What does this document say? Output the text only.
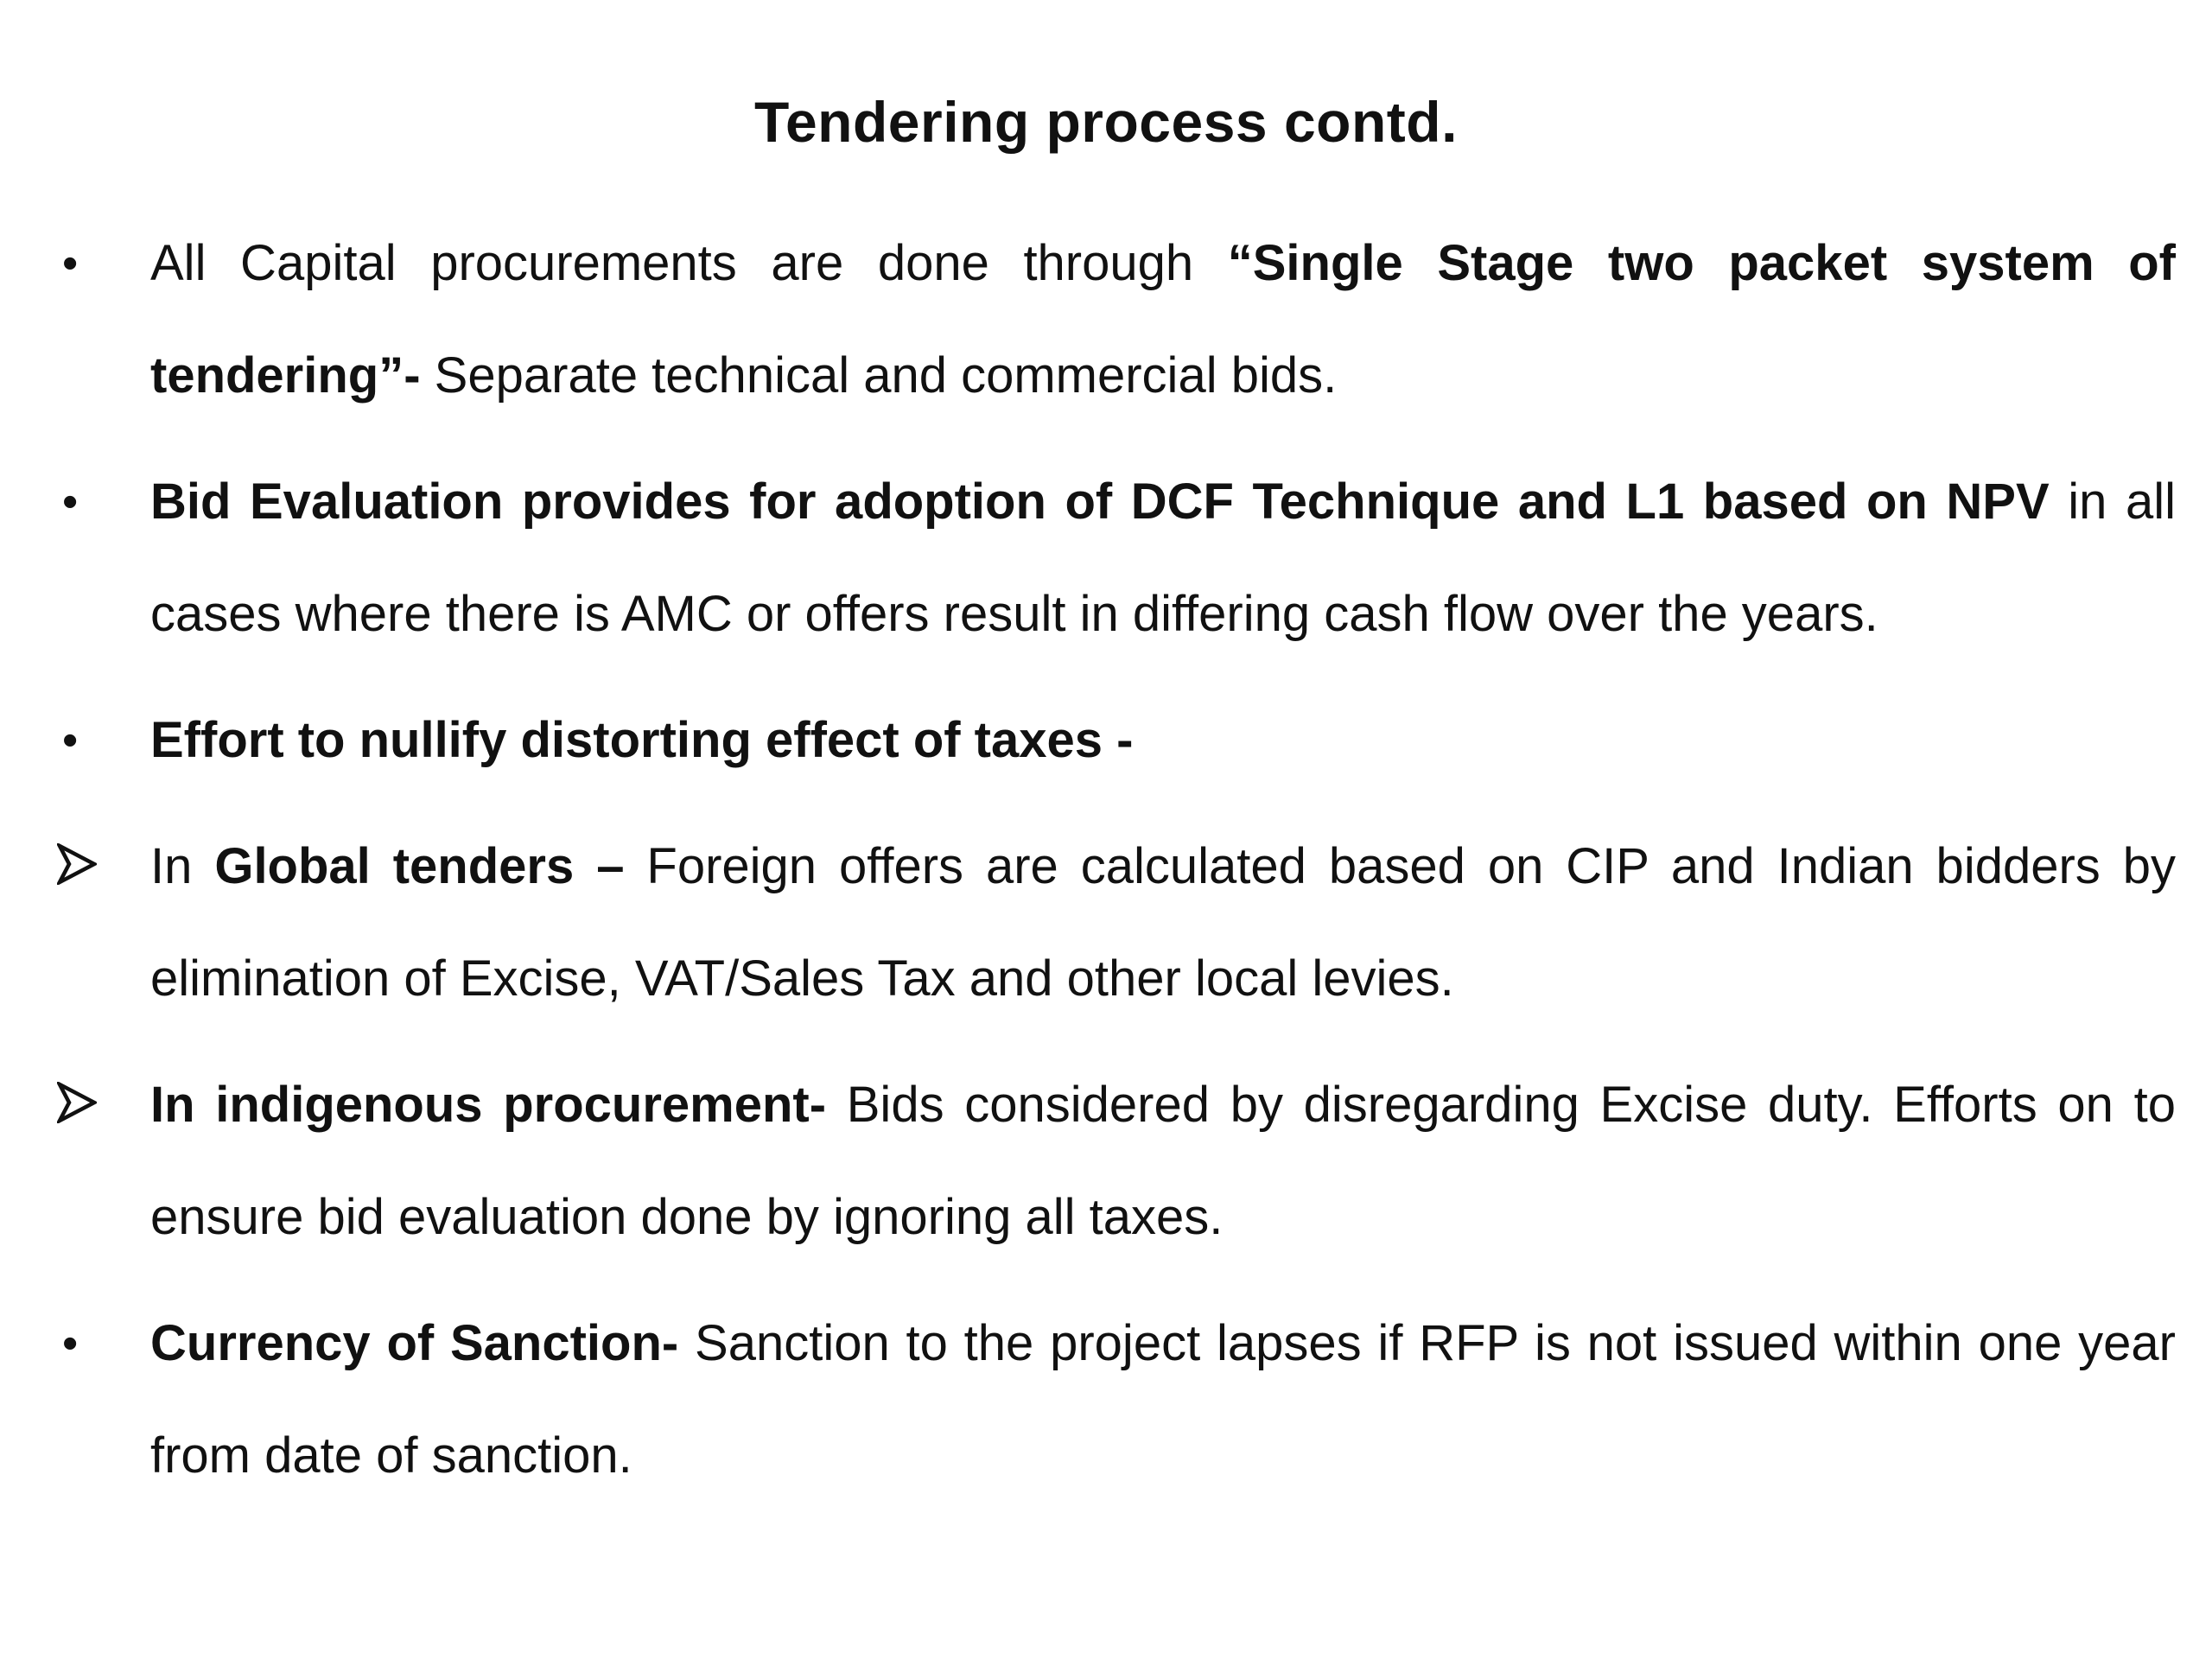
Tendering process contd.
•	All Capital procurements are done through “Single Stage two packet system of tendering”- Separate technical and commercial bids.
•	Bid Evaluation provides for adoption of DCF Technique and L1 based on NPV in all cases where there is AMC or offers result in differing cash flow over the years.
•	Effort to nullify distorting effect of taxes -
In Global tenders – Foreign offers are calculated based on CIP and Indian bidders by elimination of Excise, VAT/Sales Tax and other local levies.
In indigenous procurement- Bids considered by disregarding Excise duty. Efforts on to ensure bid evaluation done by ignoring all taxes.
•	Currency of Sanction- Sanction to the project lapses if RFP is not issued within one year from date of sanction.
